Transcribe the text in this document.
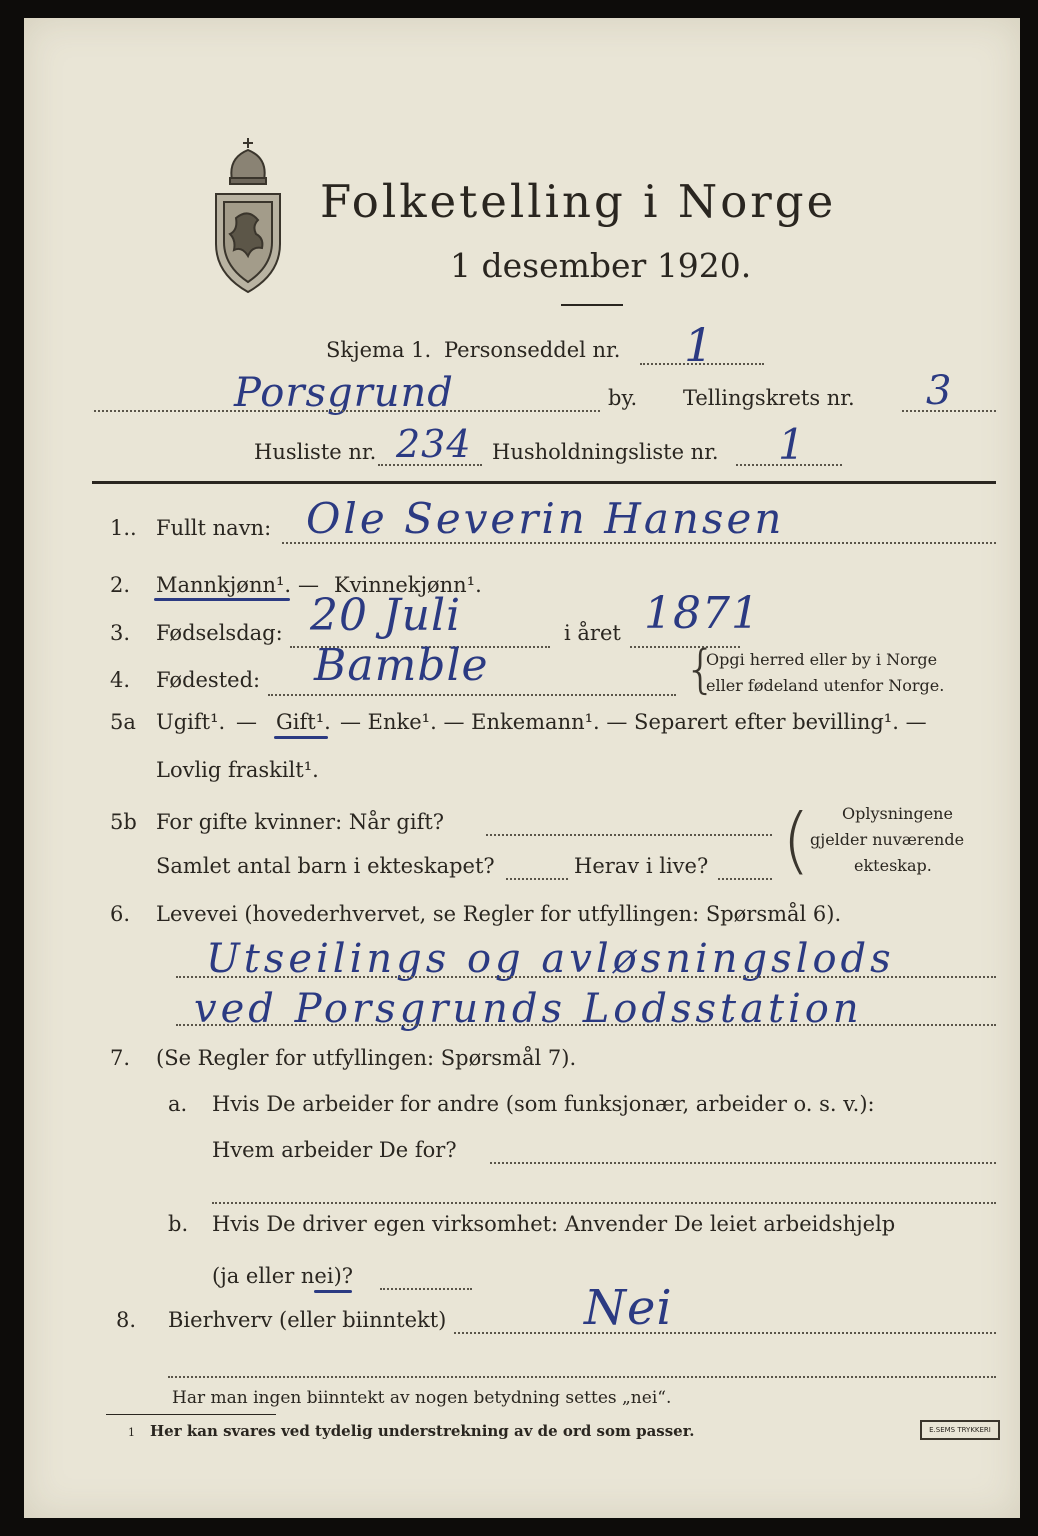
Folketelling i Norge
1 desember 1920.
Skjema 1. Personseddel nr. 1
Porsgrund	by. Tellingskrets nr. 3
Husliste nr. 234 Husholdningsliste nr. 1
1.. Fullt navn: Ole Severin Hansen
2. Mannkjønn¹. — Kvinnekjønn¹.
3. Fødselsdag: 20 Juli	i året 1871
4. Fødested: Bamble	{
Opgi herred eller by i Norge
eller fødeland utenfor Norge.
5a Ugift¹. — Gift¹. — Enke¹. — Enkemann¹. — Separert efter bevilling¹. —
Lovlig fraskilt¹.
5b For gifte kvinner: Når gift?
Samlet antal barn i ekteskapet?	Herav i live? ( Oplysningene
gjelder nuværende
ekteskap.
6. Levevei (hovederhvervet, se Regler for utfyllingen: Spørsmål 6).
Utseilings og avløsningslods
ved Porsgrunds Lodsstation
7. (Se Regler for utfyllingen: Spørsmål 7).
a. Hvis De arbeider for andre (som funksjonær, arbeider o. s. v.):
Hvem arbeider De for?
b. Hvis De driver egen virksomhet: Anvender De leiet arbeidshjelp
(ja eller nei)?
8. Bierhverv (eller biinntekt)	Nei
Har man ingen biinntekt av nogen betydning settes „nei“.
1 Her kan svares ved tydelig understrekning av de ord som passer.	E.SEMS TRYKKERI
